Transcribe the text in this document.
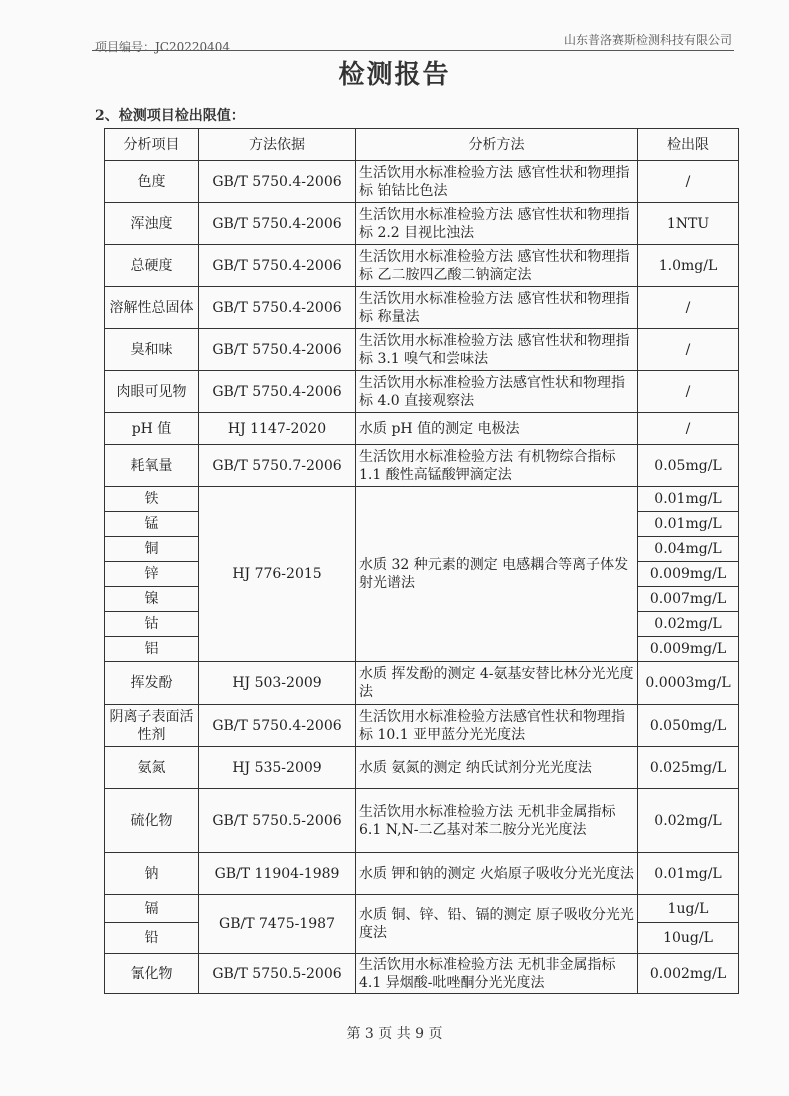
项目编号：JC20220404	山东普洛赛斯检测科技有限公司
检测报告
2、检测项目检出限值：
分析项目	方法依据	分析方法	检出限
色度	GB/T 5750.4-2006	生活饮用水标准检验方法 感官性状和物理指标 铂钴比色法	/
浑浊度	GB/T 5750.4-2006	生活饮用水标准检验方法 感官性状和物理指标 2.2 目视比浊法	1NTU
总硬度	GB/T 5750.4-2006	生活饮用水标准检验方法 感官性状和物理指标 乙二胺四乙酸二钠滴定法	1.0mg/L
溶解性总固体	GB/T 5750.4-2006	生活饮用水标准检验方法 感官性状和物理指标 称量法	/
臭和味	GB/T 5750.4-2006	生活饮用水标准检验方法 感官性状和物理指标 3.1 嗅气和尝味法	/
肉眼可见物	GB/T 5750.4-2006	生活饮用水标准检验方法感官性状和物理指标 4.0 直接观察法	/
pH 值	HJ 1147-2020	水质 pH 值的测定 电极法	/
耗氧量	GB/T 5750.7-2006	生活饮用水标准检验方法 有机物综合指标 1.1 酸性高锰酸钾滴定法	0.05mg/L
铁	HJ 776-2015	水质 32 种元素的测定 电感耦合等离子体发射光谱法	0.01mg/L
锰			0.01mg/L
铜			0.04mg/L
锌			0.009mg/L
镍			0.007mg/L
钴			0.02mg/L
铝			0.009mg/L
挥发酚	HJ 503-2009	水质 挥发酚的测定 4-氨基安替比林分光光度法	0.0003mg/L
阴离子表面活性剂	GB/T 5750.4-2006	生活饮用水标准检验方法感官性状和物理指标 10.1 亚甲蓝分光光度法	0.050mg/L
氨氮	HJ 535-2009	水质 氨氮的测定 纳氏试剂分光光度法	0.025mg/L
硫化物	GB/T 5750.5-2006	生活饮用水标准检验方法 无机非金属指标 6.1 N,N-二乙基对苯二胺分光光度法	0.02mg/L
钠	GB/T 11904-1989	水质 钾和钠的测定 火焰原子吸收分光光度法	0.01mg/L
镉	GB/T 7475-1987	水质 铜、锌、铅、镉的测定 原子吸收分光光度法	1ug/L
铅			10ug/L
氰化物	GB/T 5750.5-2006	生活饮用水标准检验方法 无机非金属指标 4.1 异烟酸-吡唑酮分光光度法	0.002mg/L
第 3 页 共 9 页
